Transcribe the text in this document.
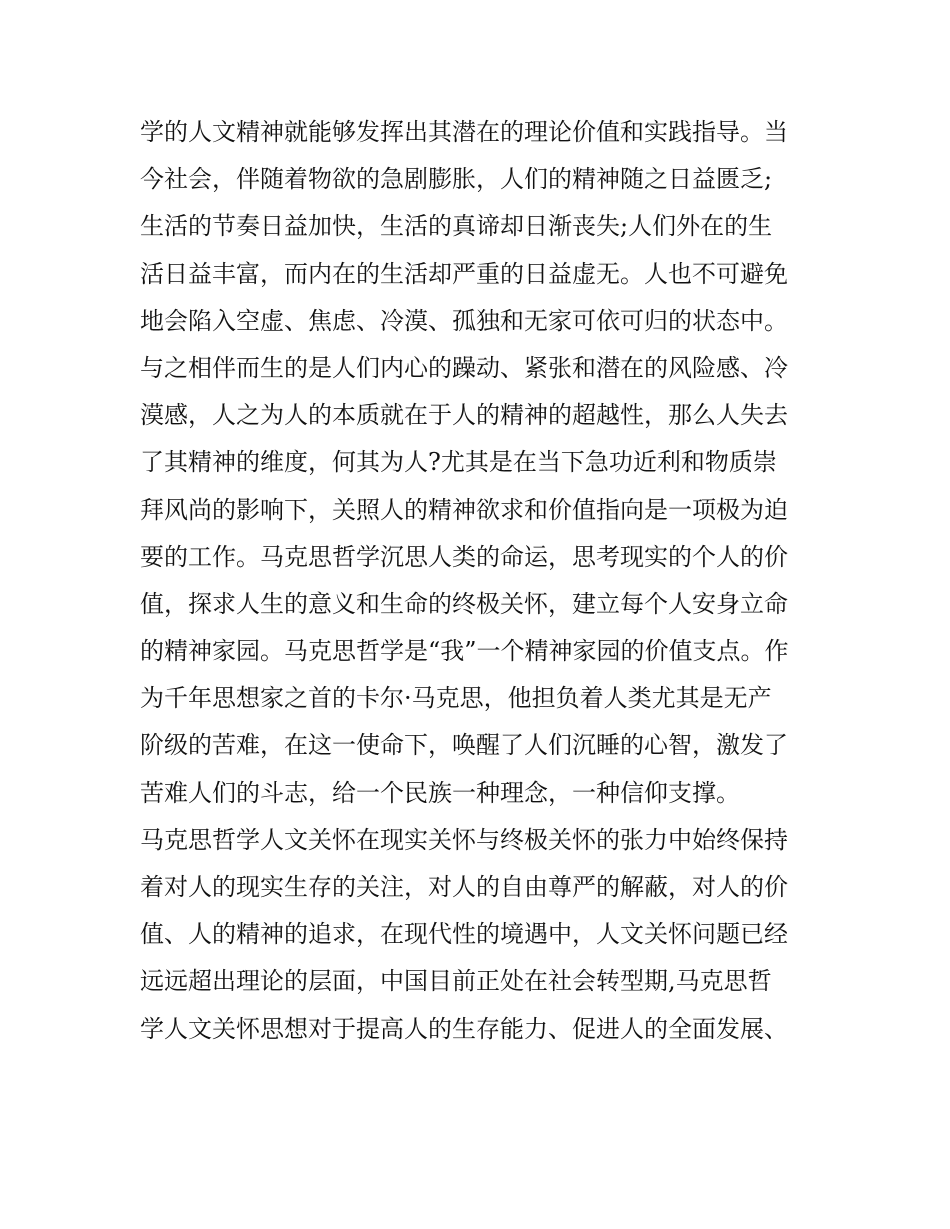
学的人文精神就能够发挥出其潜在的理论价值和实践指导。当
今社会，伴随着物欲的急剧膨胀，人们的精神随之日益匮乏;
生活的节奏日益加快，生活的真谛却日渐丧失;人们外在的生
活日益丰富，而内在的生活却严重的日益虚无。人也不可避免
地会陷入空虚、焦虑、冷漠、孤独和无家可依可归的状态中。
与之相伴而生的是人们内心的躁动、紧张和潜在的风险感、冷
漠感，人之为人的本质就在于人的精神的超越性，那么人失去
了其精神的维度，何其为人?尤其是在当下急功近利和物质崇
拜风尚的影响下，关照人的精神欲求和价值指向是一项极为迫
要的工作。马克思哲学沉思人类的命运，思考现实的个人的价
值，探求人生的意义和生命的终极关怀，建立每个人安身立命
的精神家园。马克思哲学是“我”一个精神家园的价值支点。作
为千年思想家之首的卡尔·马克思，他担负着人类尤其是无产
阶级的苦难，在这一使命下，唤醒了人们沉睡的心智，激发了
苦难人们的斗志，给一个民族一种理念，一种信仰支撑。
马克思哲学人文关怀在现实关怀与终极关怀的张力中始终保持
着对人的现实生存的关注，对人的自由尊严的解蔽，对人的价
值、人的精神的追求，在现代性的境遇中，人文关怀问题已经
远远超出理论的层面，中国目前正处在社会转型期,马克思哲
学人文关怀思想对于提高人的生存能力、促进人的全面发展、
